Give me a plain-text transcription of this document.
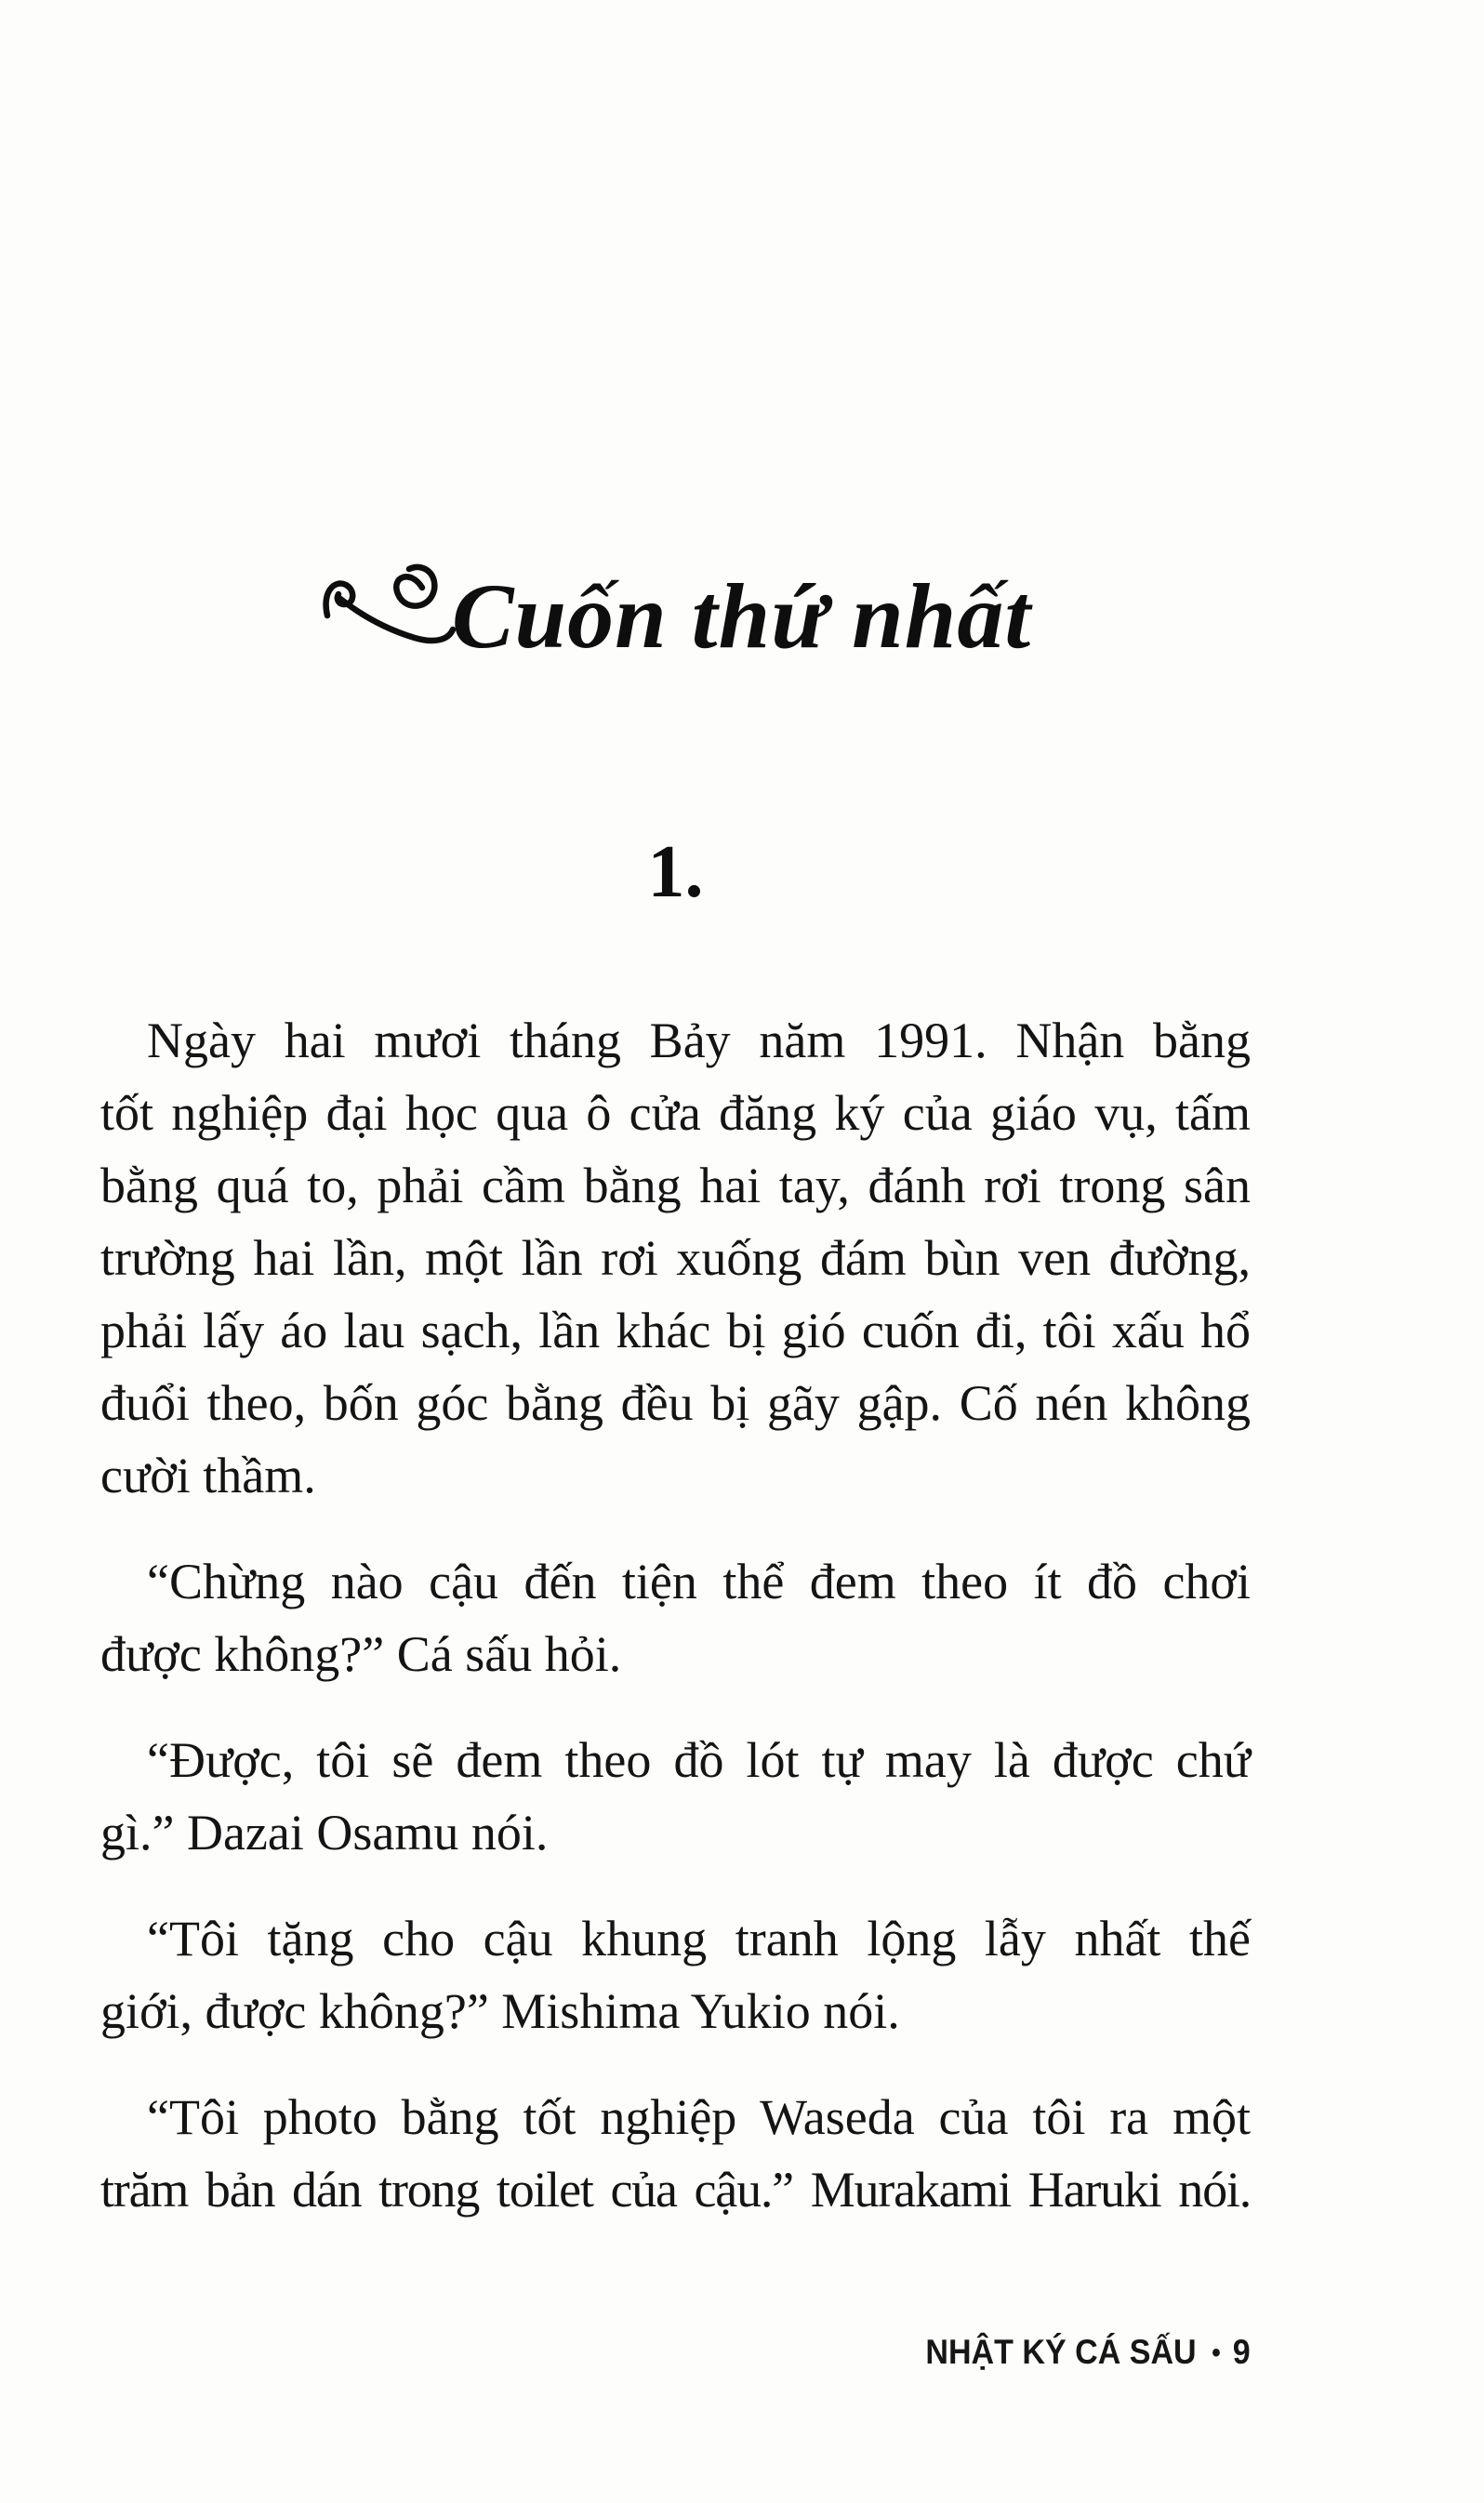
Cuốn thứ nhất
1.
Ngày hai mươi tháng Bảy năm 1991. Nhận bằng
tốt nghiệp đại học qua ô cửa đăng ký của giáo vụ, tấm
bằng quá to, phải cầm bằng hai tay, đánh rơi trong sân
trường hai lần, một lần rơi xuống đám bùn ven đường,
phải lấy áo lau sạch, lần khác bị gió cuốn đi, tôi xấu hổ
đuổi theo, bốn góc bằng đều bị gãy gập. Cố nén không
cười thầm.
“Chừng nào cậu đến tiện thể đem theo ít đồ chơi
được không?” Cá sấu hỏi.
“Được, tôi sẽ đem theo đồ lót tự may là được chứ
gì.” Dazai Osamu nói.
“Tôi tặng cho cậu khung tranh lộng lẫy nhất thế
giới, được không?” Mishima Yukio nói.
“Tôi photo bằng tốt nghiệp Waseda của tôi ra một
trăm bản dán trong toilet của cậu.” Murakami Haruki nói.
NHẬT KÝ CÁ SẤU • 9
